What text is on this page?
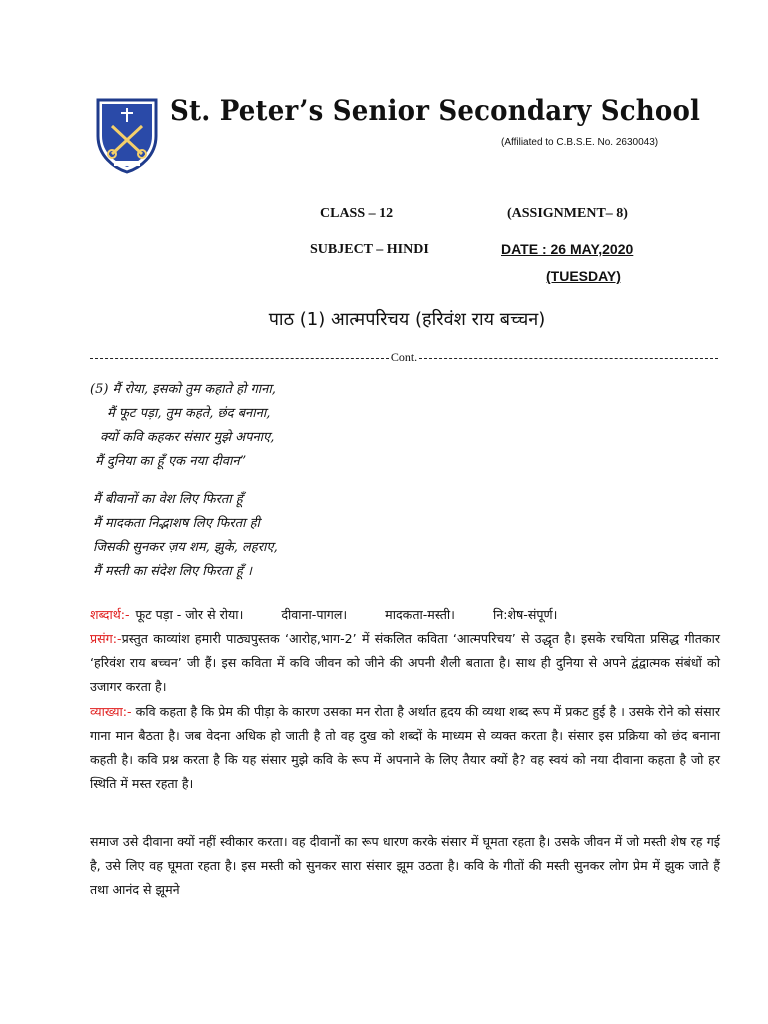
St. Peter’s Senior Secondary School
(Affiliated to C.B.S.E. No. 2630043)
CLASS – 12	(ASSIGNMENT– 8)
SUBJECT – HINDI	DATE : 26 MAY,2020
(TUESDAY)
पाठ (1) आत्मपरिचय (हरिवंश राय बच्चन)
Cont.
(5) मैं रोया, इसको तुम कहाते हो गाना,
मैं फूट पड़ा, तुम कहते, छंद बनाना,
क्यों कवि कहकर संसार मुझे अपनाए,
मैं दुनिया का हूँ एक नया दीवान”
मैं बीवानों का वेश लिए फिरता हूँ
मैं मादकता निद्भाशष लिए फिरता ही
जिसकी सुनकर ज़य शम, झुके, लहराए,
मैं मस्ती का संदेश लिए फिरता हूँ ।
शब्दार्थ:- फूट पड़ा - जोर से रोया।	दीवाना-पागल।	मादकता-मस्ती।	नि:शेष-संपूर्ण।
प्रसंग:-प्रस्तुत काव्यांश हमारी पाठ्यपुस्तक ‘आरोह,भाग-2’ में संकलित कविता ‘आत्मपरिचय’ से उद्धृत है। इसके रचयिता प्रसिद्ध गीतकार ‘हरिवंश राय बच्चन’ जी हैं। इस कविता में कवि जीवन को जीने की अपनी शैली बताता है। साथ ही दुनिया से अपने द्वंद्वात्मक संबंधों को उजागर करता है।
व्याख्या:- कवि कहता है कि प्रेम की पीड़ा के कारण उसका मन रोता है अर्थात हृदय की व्यथा शब्द रूप में प्रकट हुई है । उसके रोने को संसार गाना मान बैठता है। जब वेदना अधिक हो जाती है तो वह दुख को शब्दों के माध्यम से व्यक्त करता है। संसार इस प्रक्रिया को छंद बनाना कहती है। कवि प्रश्न करता है कि यह संसार मुझे कवि के रूप में अपनाने के लिए तैयार क्यों है? वह स्वयं को नया दीवाना कहता है जो हर स्थिति में मस्त रहता है।
समाज उसे दीवाना क्यों नहीं स्वीकार करता। वह दीवानों का रूप धारण करके संसार में घूमता रहता है। उसके जीवन में जो मस्ती शेष रह गई है, उसे लिए वह घूमता रहता है। इस मस्ती को सुनकर सारा संसार झूम उठता है। कवि के गीतों की मस्ती सुनकर लोग प्रेम में झुक जाते हैं तथा आनंद से झूमने
